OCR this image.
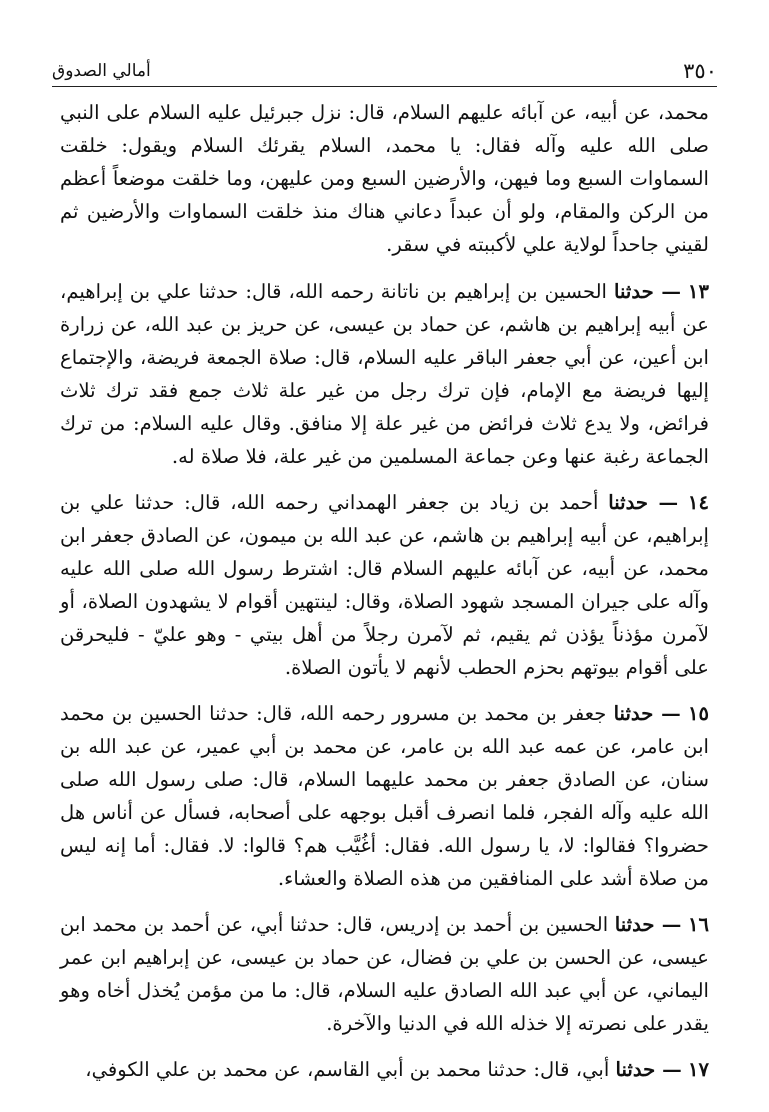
٣٥٠
أمالي الصدوق

محمد، عن أبيه، عن آبائه عليهم السلام، قال: نزل جبرئيل عليه السلام على النبي صلى الله عليه وآله فقال: يا محمد، السلام يقرئك السلام ويقول: خلقت السماوات السبع وما فيهن، والأرضين السبع ومن عليهن، وما خلقت موضعاً أعظم من الركن والمقام، ولو أن عبداً دعاني هناك منذ خلقت السماوات والأرضين ثم لقيني جاحداً لولاية علي لأكببته في سقر.

١٣ — حدثنا الحسين بن إبراهيم بن ناتانة رحمه الله، قال: حدثنا علي بن إبراهيم، عن أبيه إبراهيم بن هاشم، عن حماد بن عيسى، عن حريز بن عبد الله، عن زرارة ابن أعين، عن أبي جعفر الباقر عليه السلام، قال: صلاة الجمعة فريضة، والإجتماع إليها فريضة مع الإمام، فإن ترك رجل من غير علة ثلاث جمع فقد ترك ثلاث فرائض، ولا يدع ثلاث فرائض من غير علة إلا منافق. وقال عليه السلام: من ترك الجماعة رغبة عنها وعن جماعة المسلمين من غير علة، فلا صلاة له.

١٤ — حدثنا أحمد بن زياد بن جعفر الهمداني رحمه الله، قال: حدثنا علي بن إبراهيم، عن أبيه إبراهيم بن هاشم، عن عبد الله بن ميمون، عن الصادق جعفر ابن محمد، عن أبيه، عن آبائه عليهم السلام قال: اشترط رسول الله صلى الله عليه وآله على جيران المسجد شهود الصلاة، وقال: لينتهين أقوام لا يشهدون الصلاة، أو لآمرن مؤذناً يؤذن ثم يقيم، ثم لآمرن رجلاً من أهل بيتي - وهو عليّ - فليحرقن على أقوام بيوتهم بحزم الحطب لأنهم لا يأتون الصلاة.

١٥ — حدثنا جعفر بن محمد بن مسرور رحمه الله، قال: حدثنا الحسين بن محمد ابن عامر، عن عمه عبد الله بن عامر، عن محمد بن أبي عمير، عن عبد الله بن سنان، عن الصادق جعفر بن محمد عليهما السلام، قال: صلى رسول الله صلى الله عليه وآله الفجر، فلما انصرف أقبل بوجهه على أصحابه، فسأل عن أناس هل حضروا؟ فقالوا: لا، يا رسول الله. فقال: أغُيَّب هم؟ قالوا: لا. فقال: أما إنه ليس من صلاة أشد على المنافقين من هذه الصلاة والعشاء.

١٦ — حدثنا الحسين بن أحمد بن إدريس، قال: حدثنا أبي، عن أحمد بن محمد ابن عيسى، عن الحسن بن علي بن فضال، عن حماد بن عيسى، عن إبراهيم ابن عمر اليماني، عن أبي عبد الله الصادق عليه السلام، قال: ما من مؤمن يُخذل أخاه وهو يقدر على نصرته إلا خذله الله في الدنيا والآخرة.

١٧ — حدثنا أبي، قال: حدثنا محمد بن أبي القاسم، عن محمد بن علي الكوفي،
